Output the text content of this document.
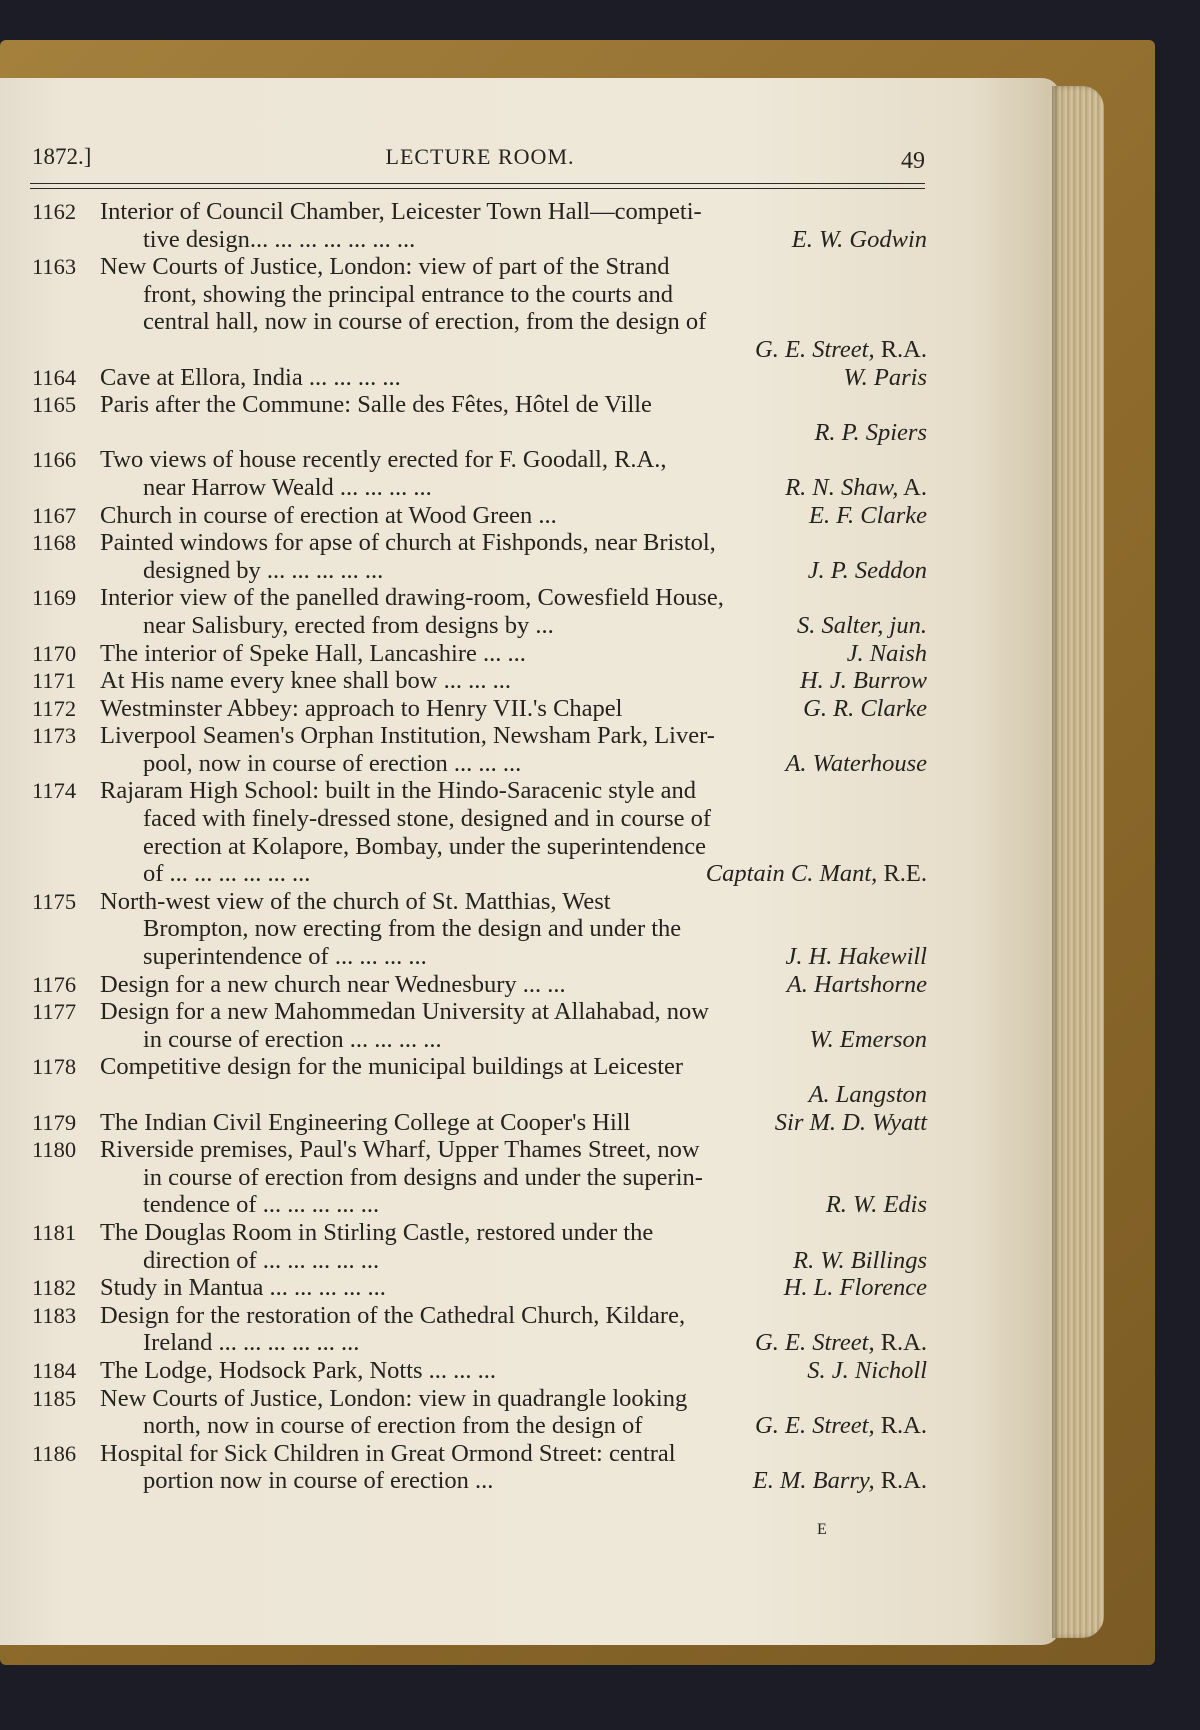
1872.]	LECTURE ROOM.	49
1162 Interior of Council Chamber, Leicester Town Hall—competi-
tive design... ... ... ... ... ... ...	E. W. Godwin
1163 New Courts of Justice, London: view of part of the Strand
front, showing the principal entrance to the courts and
central hall, now in course of erection, from the design of
G. E. Street, R.A.
1164 Cave at Ellora, India ... ... ... ...	W. Paris
1165 Paris after the Commune: Salle des Fêtes, Hôtel de Ville
R. P. Spiers
1166 Two views of house recently erected for F. Goodall, R.A.,
near Harrow Weald ... ... ... ...	R. N. Shaw, A.
1167 Church in course of erection at Wood Green ...	E. F. Clarke
1168 Painted windows for apse of church at Fishponds, near Bristol,
designed by ... ... ... ... ...	J. P. Seddon
1169 Interior view of the panelled drawing-room, Cowesfield House,
near Salisbury, erected from designs by ...	S. Salter, jun.
1170 The interior of Speke Hall, Lancashire ... ...	J. Naish
1171 At His name every knee shall bow ... ... ...	H. J. Burrow
1172 Westminster Abbey: approach to Henry VII.'s Chapel	G. R. Clarke
1173 Liverpool Seamen's Orphan Institution, Newsham Park, Liver-
pool, now in course of erection ... ... ...	A. Waterhouse
1174 Rajaram High School: built in the Hindo-Saracenic style and
faced with finely-dressed stone, designed and in course of
erection at Kolapore, Bombay, under the superintendence
of ... ... ... ... ... ...	Captain C. Mant, R.E.
1175 North-west view of the church of St. Matthias, West
Brompton, now erecting from the design and under the
superintendence of ... ... ... ...	J. H. Hakewill
1176 Design for a new church near Wednesbury ... ...	A. Hartshorne
1177 Design for a new Mahommedan University at Allahabad, now
in course of erection ... ... ... ...	W. Emerson
1178 Competitive design for the municipal buildings at Leicester
A. Langston
1179 The Indian Civil Engineering College at Cooper's Hill	Sir M. D. Wyatt
1180 Riverside premises, Paul's Wharf, Upper Thames Street, now
in course of erection from designs and under the superin-
tendence of ... ... ... ... ...	R. W. Edis
1181 The Douglas Room in Stirling Castle, restored under the
direction of ... ... ... ... ...	R. W. Billings
1182 Study in Mantua ... ... ... ... ...	H. L. Florence
1183 Design for the restoration of the Cathedral Church, Kildare,
Ireland ... ... ... ... ... ...	G. E. Street, R.A.
1184 The Lodge, Hodsock Park, Notts ... ... ...	S. J. Nicholl
1185 New Courts of Justice, London: view in quadrangle looking
north, now in course of erection from the design of	G. E. Street, R.A.
1186 Hospital for Sick Children in Great Ormond Street: central
portion now in course of erection ...	E. M. Barry, R.A.
E
